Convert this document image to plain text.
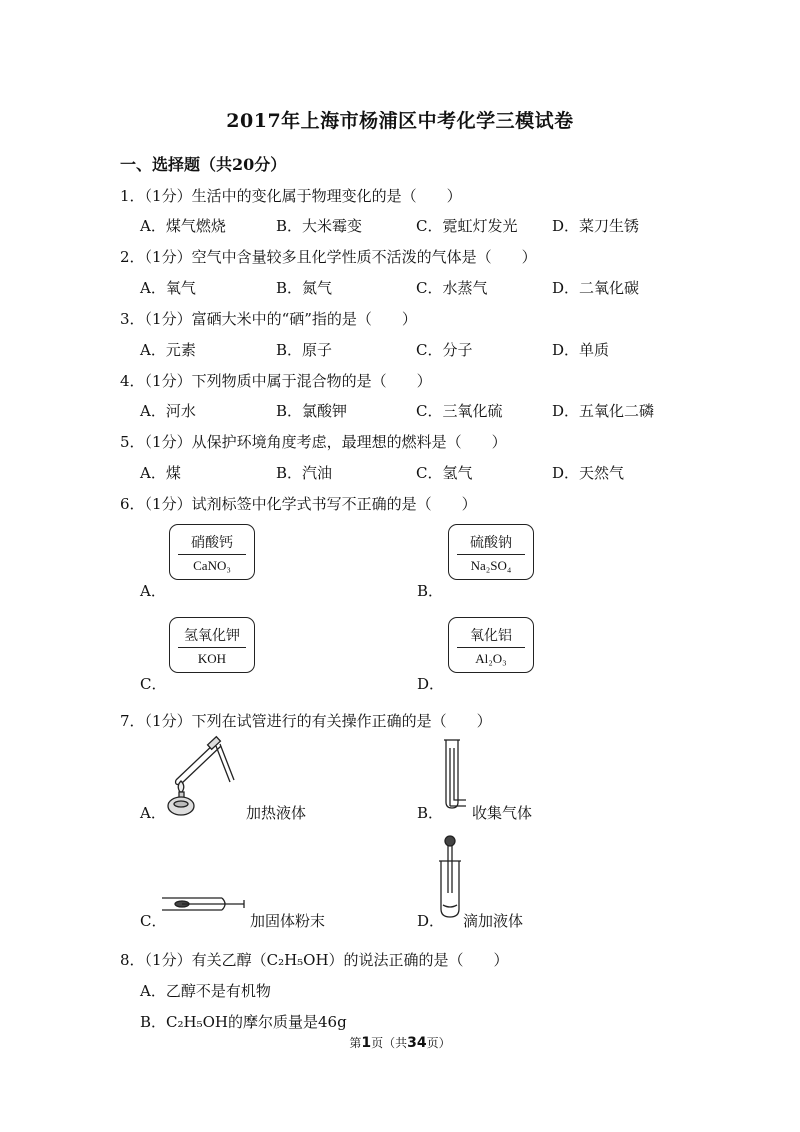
2017年上海市杨浦区中考化学三模试卷
一、选择题（共20分）
1．（1分）生活中的变化属于物理变化的是（　　）
A．煤气燃烧	B．大米霉变	C．霓虹灯发光 D．菜刀生锈
2．（1分）空气中含量较多且化学性质不活泼的气体是（　　）
A．氧气	B．氮气	C．水蒸气	D．二氧化碳
3．（1分）富硒大米中的“硒”指的是（　　）
A．元素	B．原子	C．分子	D．单质
4．（1分）下列物质中属于混合物的是（　　）
A．河水	B．氯酸钾	C．三氧化硫	D．五氧化二磷
5．（1分）从保护环境角度考虑，最理想的燃料是（　　）
A．煤	B．汽油	C．氢气	D．天然气
6．（1分）试剂标签中化学式书写不正确的是（　　）
硝酸钙
CaNO₃
A．
硫酸钠
Na₂SO₄
B．
氢氧化钾
KOH
C．
氧化铝
Al₂O₃
D．
7．（1分）下列在试管进行的有关操作正确的是（　　）
A．	加热液体	B． 收集气体
C．	加固体粉末	D． 滴加液体
8．（1分）有关乙醇（C₂H₅OH）的说法正确的是（　　）
A．乙醇不是有机物
B．C₂H₅OH的摩尔质量是46g
第1页（共34页）
